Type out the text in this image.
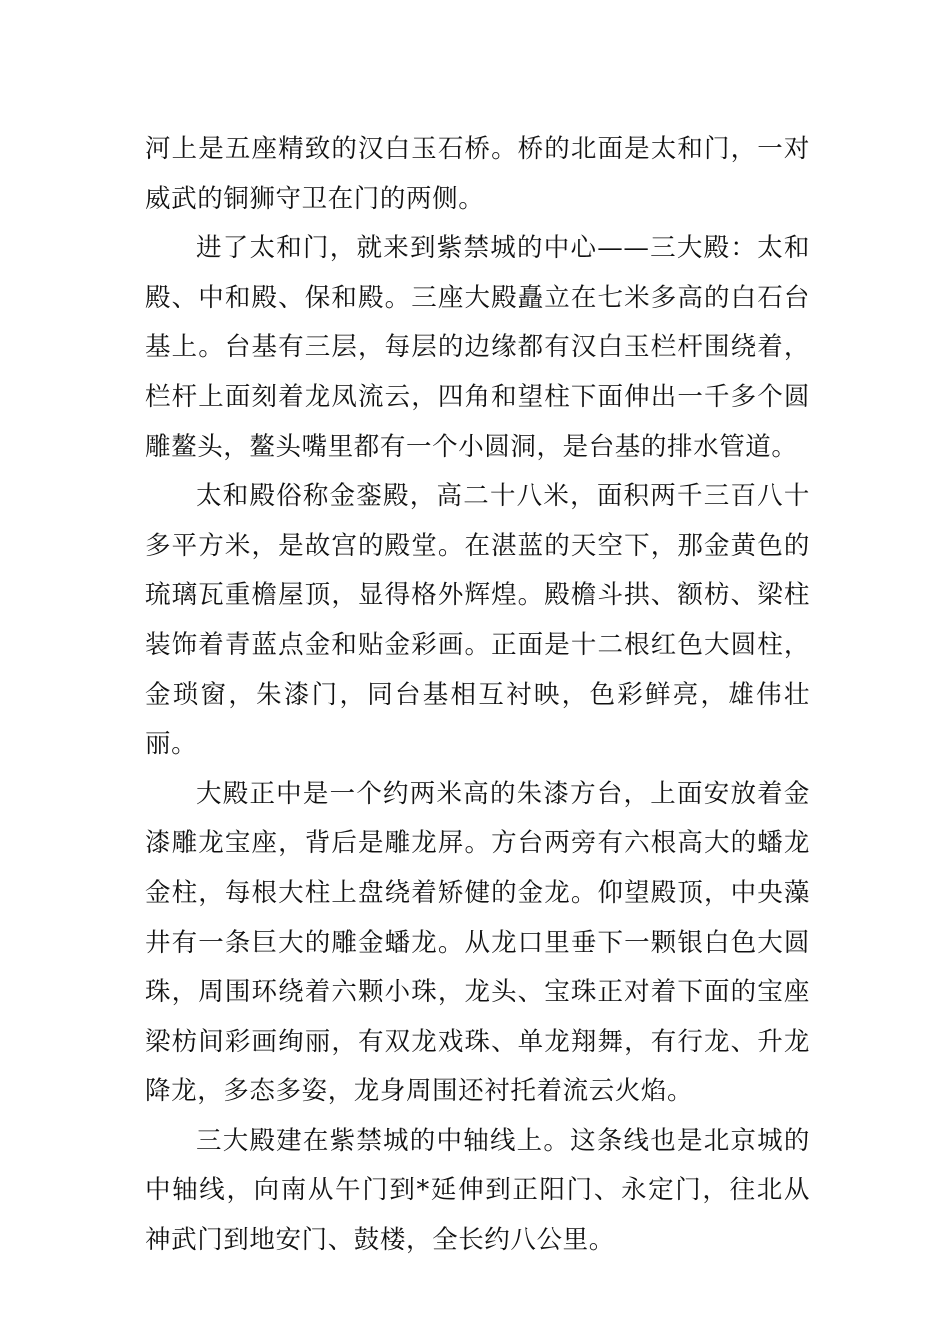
河上是五座精致的汉白玉石桥。桥的北面是太和门，一对威武的铜狮守卫在门的两侧。

进了太和门，就来到紫禁城的中心——三大殿：太和殿、中和殿、保和殿。三座大殿矗立在七米多高的白石台基上。台基有三层，每层的边缘都有汉白玉栏杆围绕着，栏杆上面刻着龙凤流云，四角和望柱下面伸出一千多个圆雕鳌头，鳌头嘴里都有一个小圆洞，是台基的排水管道。

太和殿俗称金銮殿，高二十八米，面积两千三百八十多平方米，是故宫的殿堂。在湛蓝的天空下，那金黄色的琉璃瓦重檐屋顶，显得格外辉煌。殿檐斗拱、额枋、梁柱装饰着青蓝点金和贴金彩画。正面是十二根红色大圆柱，金琐窗，朱漆门，同台基相互衬映，色彩鲜亮，雄伟壮丽。

大殿正中是一个约两米高的朱漆方台，上面安放着金漆雕龙宝座，背后是雕龙屏。方台两旁有六根高大的蟠龙金柱，每根大柱上盘绕着矫健的金龙。仰望殿顶，中央藻井有一条巨大的雕金蟠龙。从龙口里垂下一颗银白色大圆珠，周围环绕着六颗小珠，龙头、宝珠正对着下面的宝座梁枋间彩画绚丽，有双龙戏珠、单龙翔舞，有行龙、升龙降龙，多态多姿，龙身周围还衬托着流云火焰。

三大殿建在紫禁城的中轴线上。这条线也是北京城的中轴线，向南从午门到*延伸到正阳门、永定门，往北从神武门到地安门、鼓楼，全长约八公里。
